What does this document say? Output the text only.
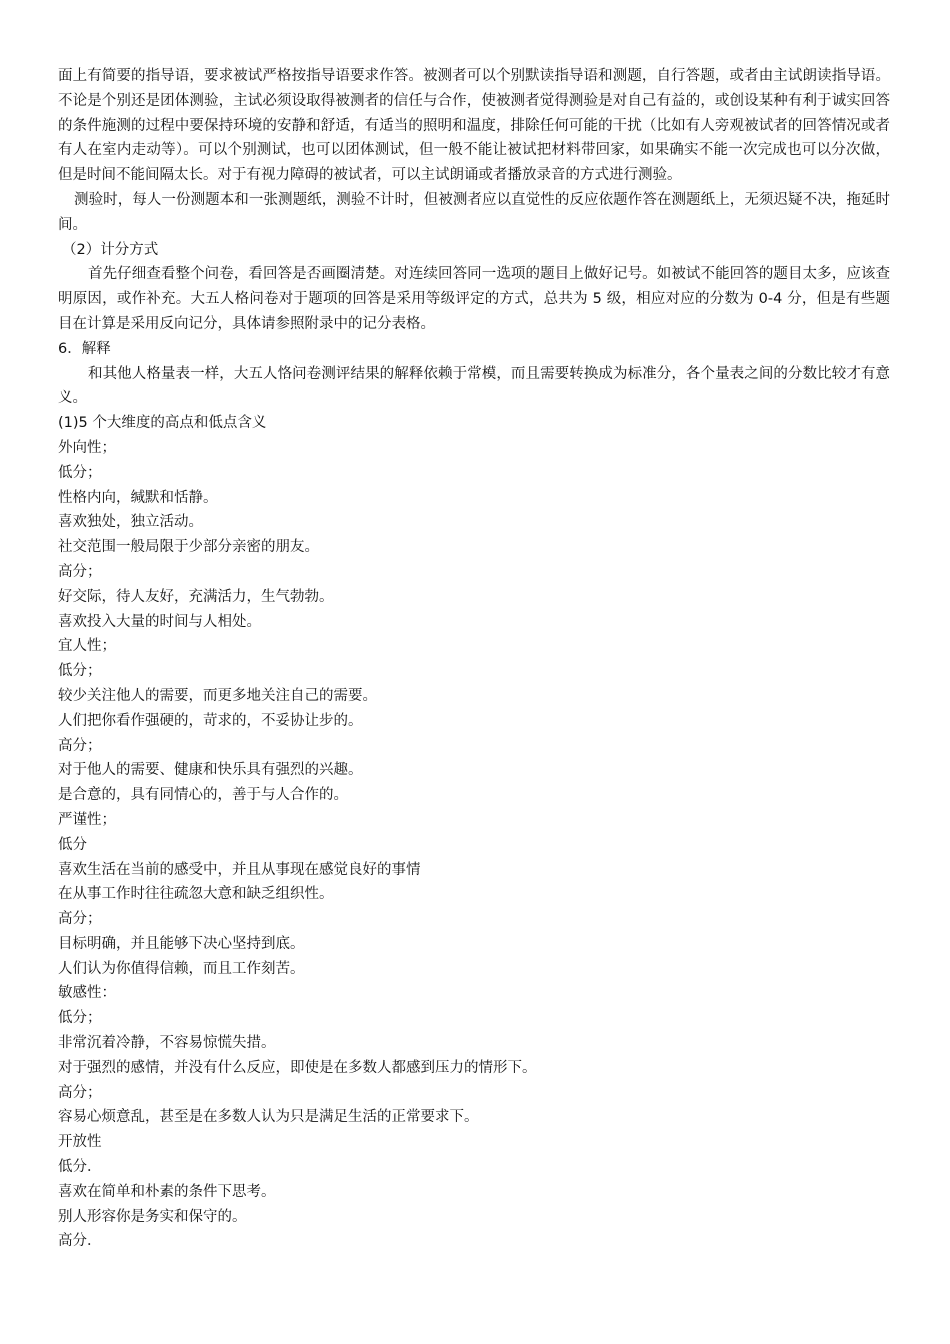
面上有简要的指导语，要求被试严格按指导语要求作答。被测者可以个别默读指导语和测题，自行答题，或者由主试朗读指导语。不论是个别还是团体测验，主试必须设取得被测者的信任与合作，使被测者觉得测验是对自己有益的，或创设某种有利于诚实回答的条件施测的过程中要保持环境的安静和舒适，有适当的照明和温度，排除任何可能的干扰（比如有人旁观被试者的回答情况或者有人在室内走动等）。可以个别测试，也可以团体测试，但一般不能让被试把材料带回家，如果确实不能一次完成也可以分次做，但是时间不能间隔太长。对于有视力障碍的被试者，可以主试朗诵或者播放录音的方式进行测验。

测验时，每人一份测题本和一张测题纸，测验不计时，但被测者应以直觉性的反应依题作答在测题纸上，无须迟疑不决，拖延时间。

（2）计分方式

首先仔细查看整个问卷，看回答是否画圈清楚。对连续回答同一选项的题目上做好记号。如被试不能回答的题目太多，应该查明原因，或作补充。大五人格问卷对于题项的回答是采用等级评定的方式，总共为 5 级，相应对应的分数为 0-4 分，但是有些题目在计算是采用反向记分，具体请参照附录中的记分表格。

6．解释

和其他人格量表一样，大五人恪问卷测评结果的解释依赖于常模，而且需要转换成为标准分，各个量表之间的分数比较才有意义。

(1)5 个大维度的高点和低点含义

外向性；

低分；

性格内向，缄默和恬静。

喜欢独处，独立活动。

社交范围一般局限于少部分亲密的朋友。

高分；

好交际，待人友好，充满活力，生气勃勃。

喜欢投入大量的时间与人相处。

宜人性；

低分；

较少关注他人的需要，而更多地关注自己的需要。

人们把你看作强硬的，苛求的，不妥协让步的。

高分；

对于他人的需要、健康和快乐具有强烈的兴趣。

是合意的，具有同情心的，善于与人合作的。

严谨性；

低分

喜欢生活在当前的感受中，并且从事现在感觉良好的事情

在从事工作时往往疏忽大意和缺乏组织性。

高分；

目标明确，并且能够下决心坚持到底。

人们认为你值得信赖，而且工作刻苦。

敏感性：

低分；

非常沉着冷静，不容易惊慌失措。

对于强烈的感情，并没有什么反应，即使是在多数人都感到压力的情形下。

高分；

容易心烦意乱，甚至是在多数人认为只是满足生活的正常要求下。

开放性

低分．

喜欢在简单和朴素的条件下思考。

别人形容你是务实和保守的。

高分．
